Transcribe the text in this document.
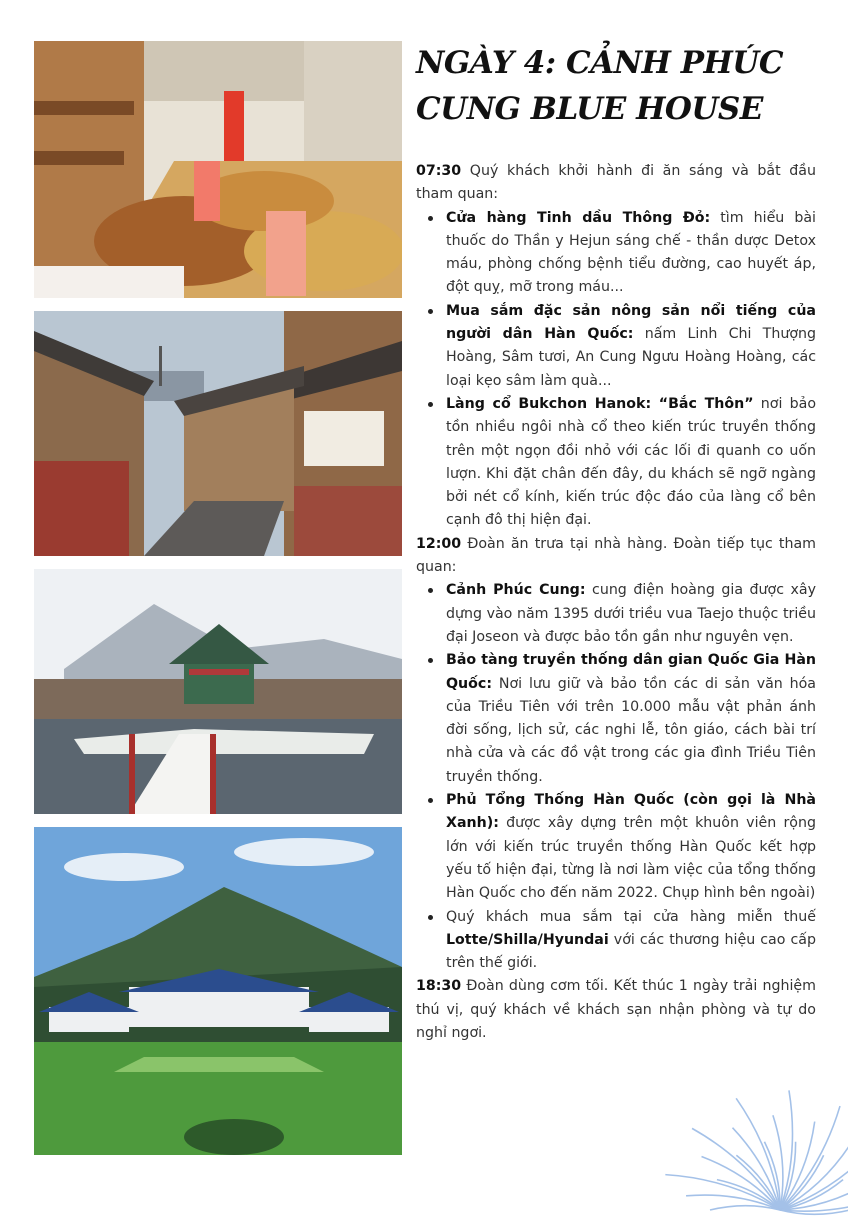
NGÀY 4: CẢNH PHÚC CUNG BLUE HOUSE

07:30 Quý khách khởi hành đi ăn sáng và bắt đầu tham quan:

Cửa hàng Tinh dầu Thông Đỏ: tìm hiểu bài thuốc do Thần y Hejun sáng chế - thần dược Detox máu, phòng chống bệnh tiểu đường, cao huyết áp, đột quỵ, mỡ trong máu...
Mua sắm đặc sản nông sản nổi tiếng của người dân Hàn Quốc: nấm Linh Chi Thượng Hoàng, Sâm tươi, An Cung Ngưu Hoàng Hoàng, các loại kẹo sâm làm quà...
Làng cổ Bukchon Hanok: “Bắc Thôn” nơi bảo tồn nhiều ngôi nhà cổ theo kiến trúc truyền thống trên một ngọn đồi nhỏ với các lối đi quanh co uốn lượn. Khi đặt chân đến đây, du khách sẽ ngỡ ngàng bởi nét cổ kính, kiến trúc độc đáo của làng cổ bên cạnh đô thị hiện đại.

12:00 Đoàn ăn trưa tại nhà hàng. Đoàn tiếp tục tham quan:

Cảnh Phúc Cung: cung điện hoàng gia được xây dựng vào năm 1395 dưới triều vua Taejo thuộc triều đại Joseon và được bảo tồn gần như nguyên vẹn.
Bảo tàng truyền thống dân gian Quốc Gia Hàn Quốc: Nơi lưu giữ và bảo tồn các di sản văn hóa của Triều Tiên với trên 10.000 mẫu vật phản ánh đời sống, lịch sử, các nghi lễ, tôn giáo, cách bài trí nhà cửa và các đồ vật trong các gia đình Triều Tiên truyền thống.
Phủ Tổng Thống Hàn Quốc (còn gọi là Nhà Xanh): được xây dựng trên một khuôn viên rộng lớn với kiến trúc truyền thống Hàn Quốc kết hợp yếu tố hiện đại, từng là nơi làm việc của tổng thống Hàn Quốc cho đến năm 2022. Chụp hình bên ngoài)
Quý khách mua sắm tại cửa hàng miễn thuế Lotte/Shilla/Hyundai với các thương hiệu cao cấp trên thế giới.

18:30 Đoàn dùng cơm tối. Kết thúc 1 ngày trải nghiệm thú vị, quý khách về khách sạn nhận phòng và tự do nghỉ ngơi.
